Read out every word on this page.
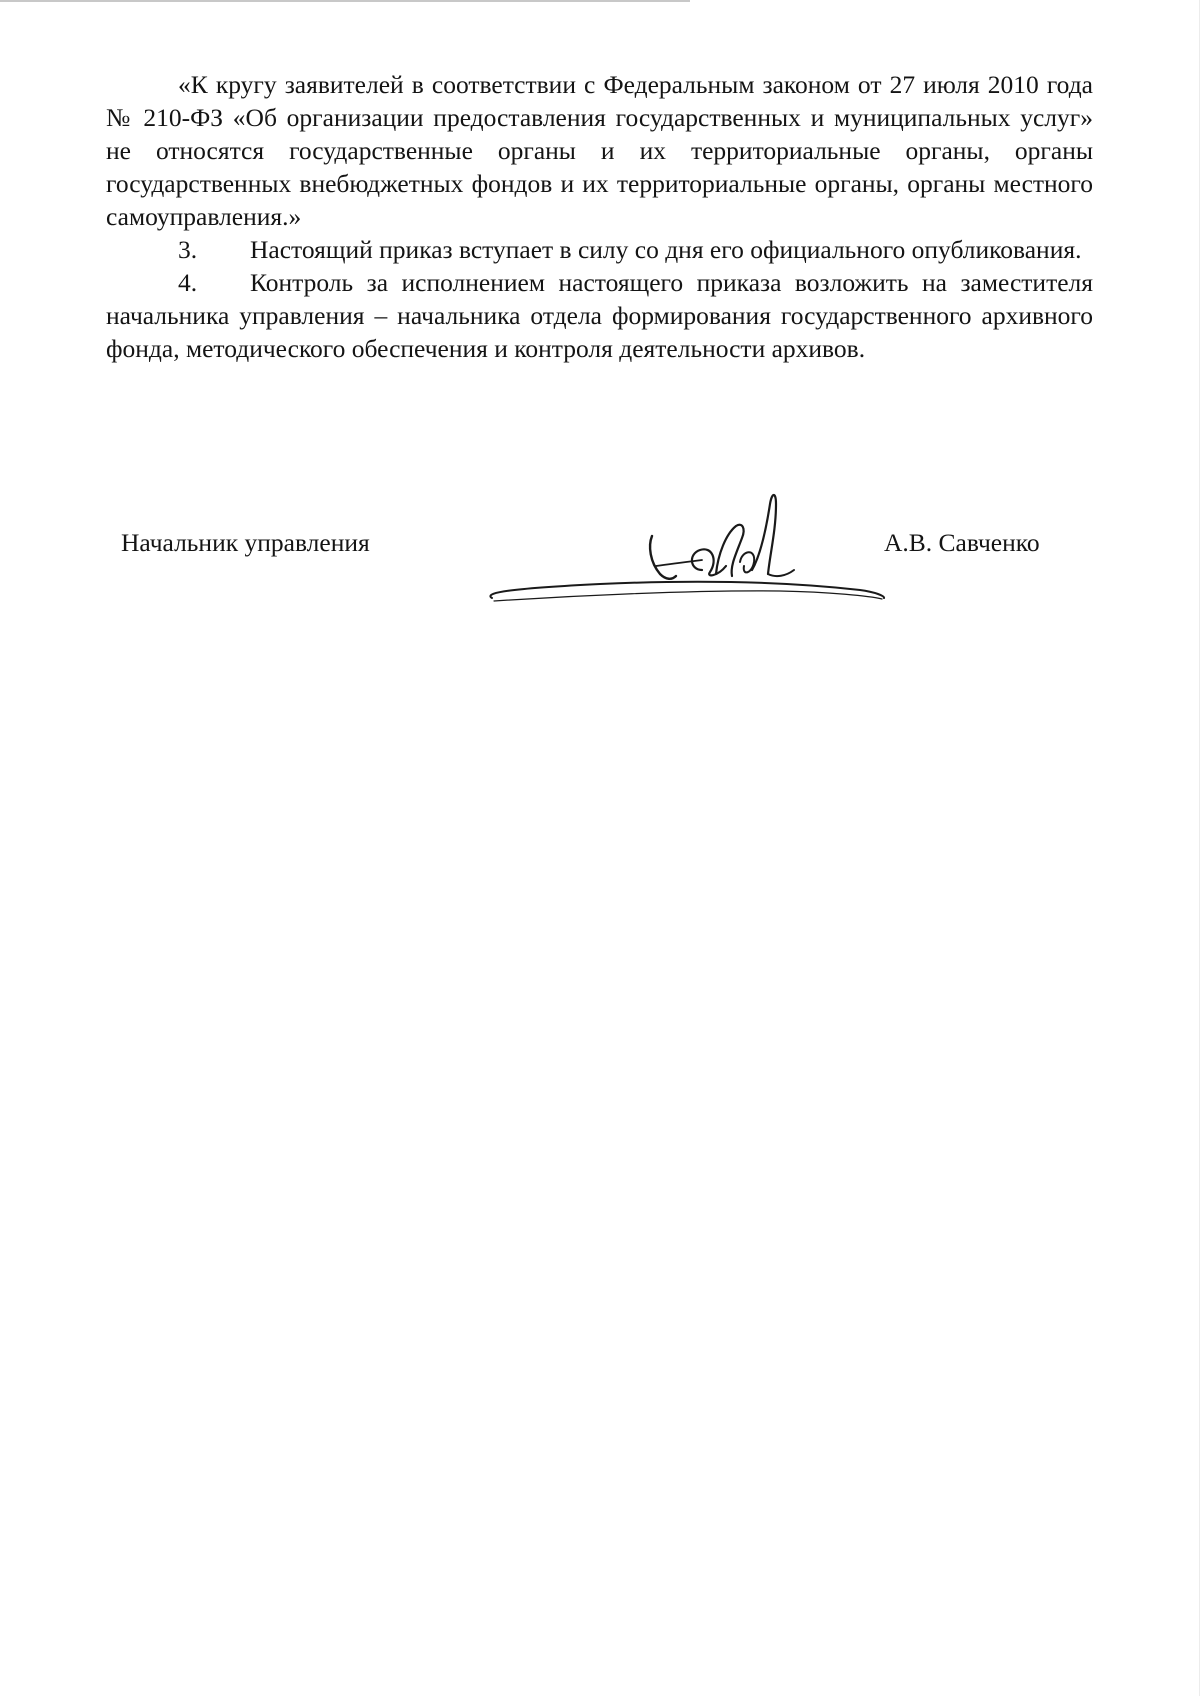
«К кругу заявителей в соответствии с Федеральным законом от 27 июля 2010 года № 210-ФЗ «Об организации предоставления государственных и муниципальных услуг» не относятся государственные органы и их территориальные органы, органы государственных внебюджетных фондов и их территориальные органы, органы местного самоуправления.»

3. Настоящий приказ вступает в силу со дня его официального опубликования.

4. Контроль за исполнением настоящего приказа возложить на заместителя начальника управления – начальника отдела формирования государственного архивного фонда, методического обеспечения и контроля деятельности архивов.

Начальник управления	А.В. Савченко
